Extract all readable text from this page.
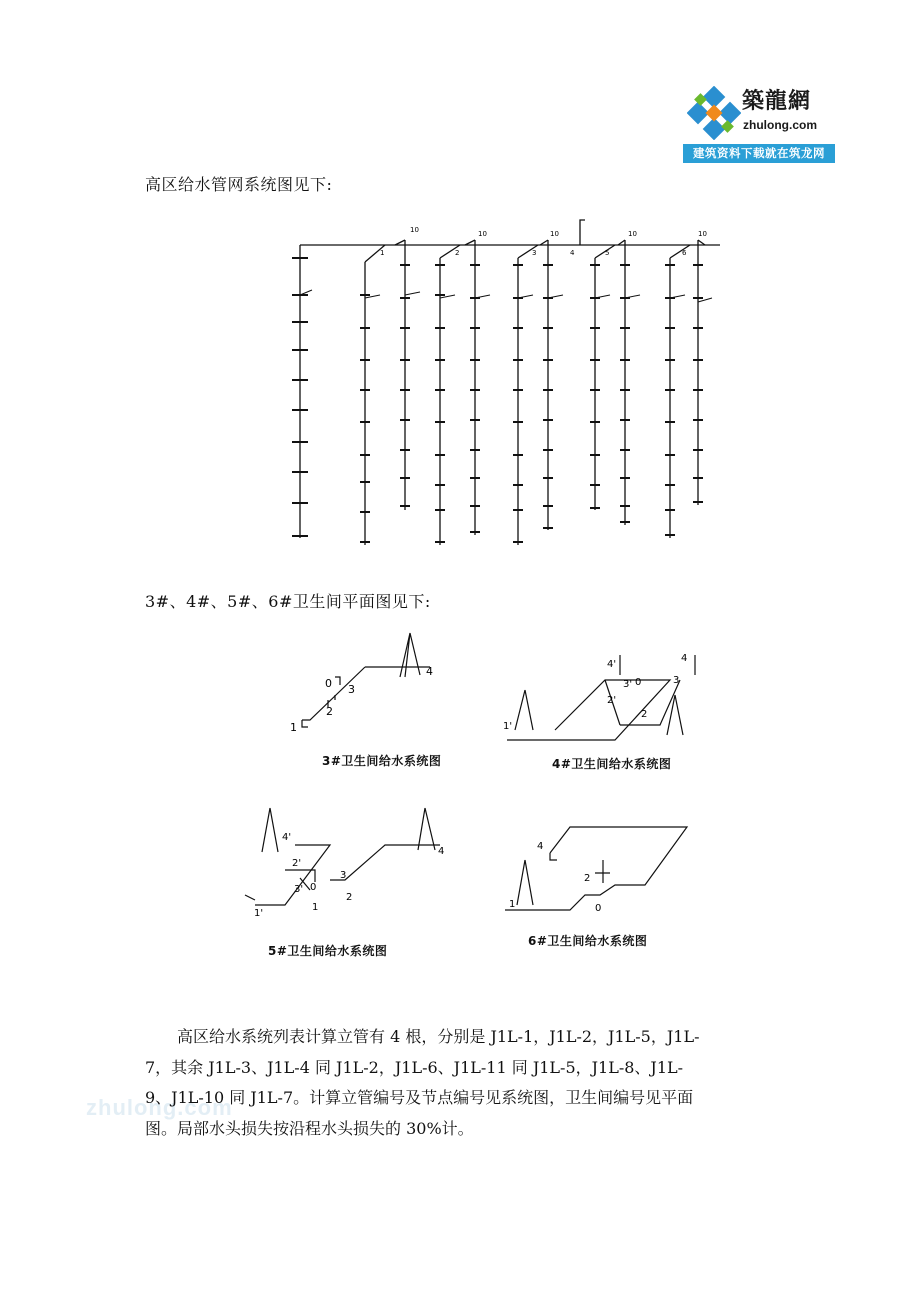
zhulong.com
築龍網
zhulong.com
建筑资料下载就在筑龙网
高区给水管网系统图见下:
10	10	10	10	10
1	2	3	4	5	6
3#、4#、5#、6#卫生间平面图见下:
0 3
4
2
1
3#卫生间给水系统图
4'
3' 0	3
4
2'
2
1'
4#卫生间给水系统图
4'
4
2'
3
3' 0
1
2
1'
5#卫生间给水系统图
4
2
1	0
6#卫生间给水系统图
高区给水系统列表计算立管有 4 根，分别是 J1L-1，J1L-2，J1L-5，J1L-
7，其余 J1L-3、J1L-4 同 J1L-2，J1L-6、J1L-11 同 J1L-5，J1L-8、J1L-
9、J1L-10 同 J1L-7。计算立管编号及节点编号见系统图，卫生间编号见平面
图。局部水头损失按沿程水头损失的 30%计。
